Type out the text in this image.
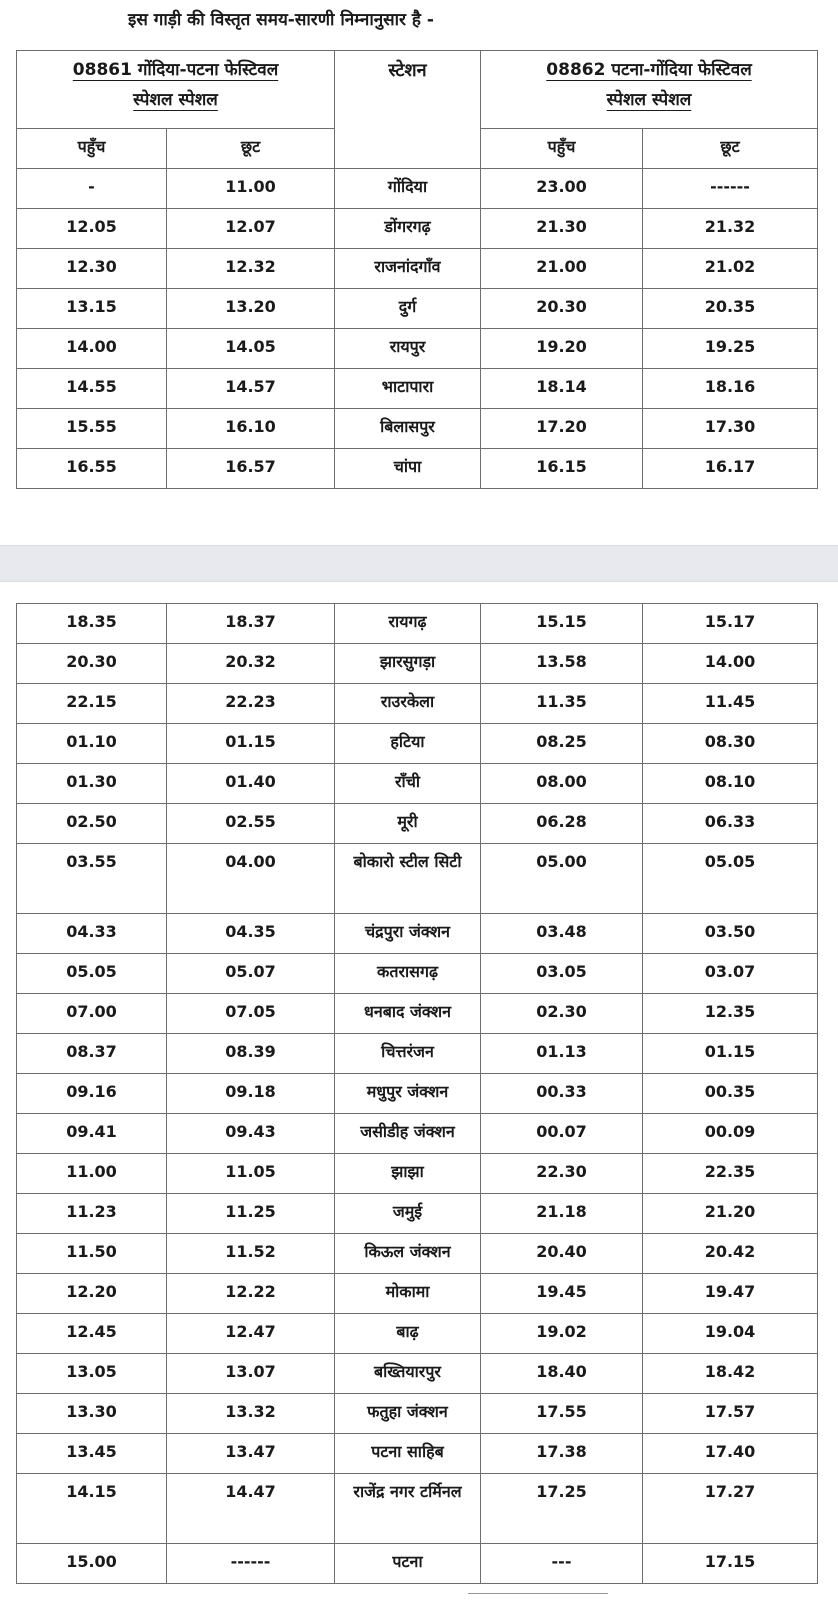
इस गाड़ी की विस्तृत समय-सारणी निम्नानुसार है -
08861 गोंदिया-पटना फेस्टिवल
स्पेशल स्पेशल		स्टेशन	08862 पटना-गोंदिया फेस्टिवल
स्पेशल स्पेशल	
पहुँच	छूट		पहुँच	छूट
-	11.00	गोंदिया	23.00	------
12.05	12.07	डोंगरगढ़	21.30	21.32
12.30	12.32	राजनांदगाँव	21.00	21.02
13.15	13.20	दुर्ग	20.30	20.35
14.00	14.05	रायपुर	19.20	19.25
14.55	14.57	भाटापारा	18.14	18.16
15.55	16.10	बिलासपुर	17.20	17.30
16.55	16.57	चांपा	16.15	16.17
18.35	18.37	रायगढ़	15.15	15.17
20.30	20.32	झारसुगड़ा	13.58	14.00
22.15	22.23	राउरकेला	11.35	11.45
01.10	01.15	हटिया	08.25	08.30
01.30	01.40	राँची	08.00	08.10
02.50	02.55	मूरी	06.28	06.33
03.55	04.00	बोकारो स्टील सिटी	05.00	05.05
04.33	04.35	चंद्रपुरा जंक्शन	03.48	03.50
05.05	05.07	कतरासगढ़	03.05	03.07
07.00	07.05	धनबाद जंक्शन	02.30	12.35
08.37	08.39	चित्तरंजन	01.13	01.15
09.16	09.18	मधुपुर जंक्शन	00.33	00.35
09.41	09.43	जसीडीह जंक्शन	00.07	00.09
11.00	11.05	झाझा	22.30	22.35
11.23	11.25	जमुई	21.18	21.20
11.50	11.52	किऊल जंक्शन	20.40	20.42
12.20	12.22	मोकामा	19.45	19.47
12.45	12.47	बाढ़	19.02	19.04
13.05	13.07	बख्तियारपुर	18.40	18.42
13.30	13.32	फतुहा जंक्शन	17.55	17.57
13.45	13.47	पटना साहिब	17.38	17.40
14.15	14.47	राजेंद्र नगर टर्मिनल	17.25	17.27
15.00	------	पटना	---	17.15
